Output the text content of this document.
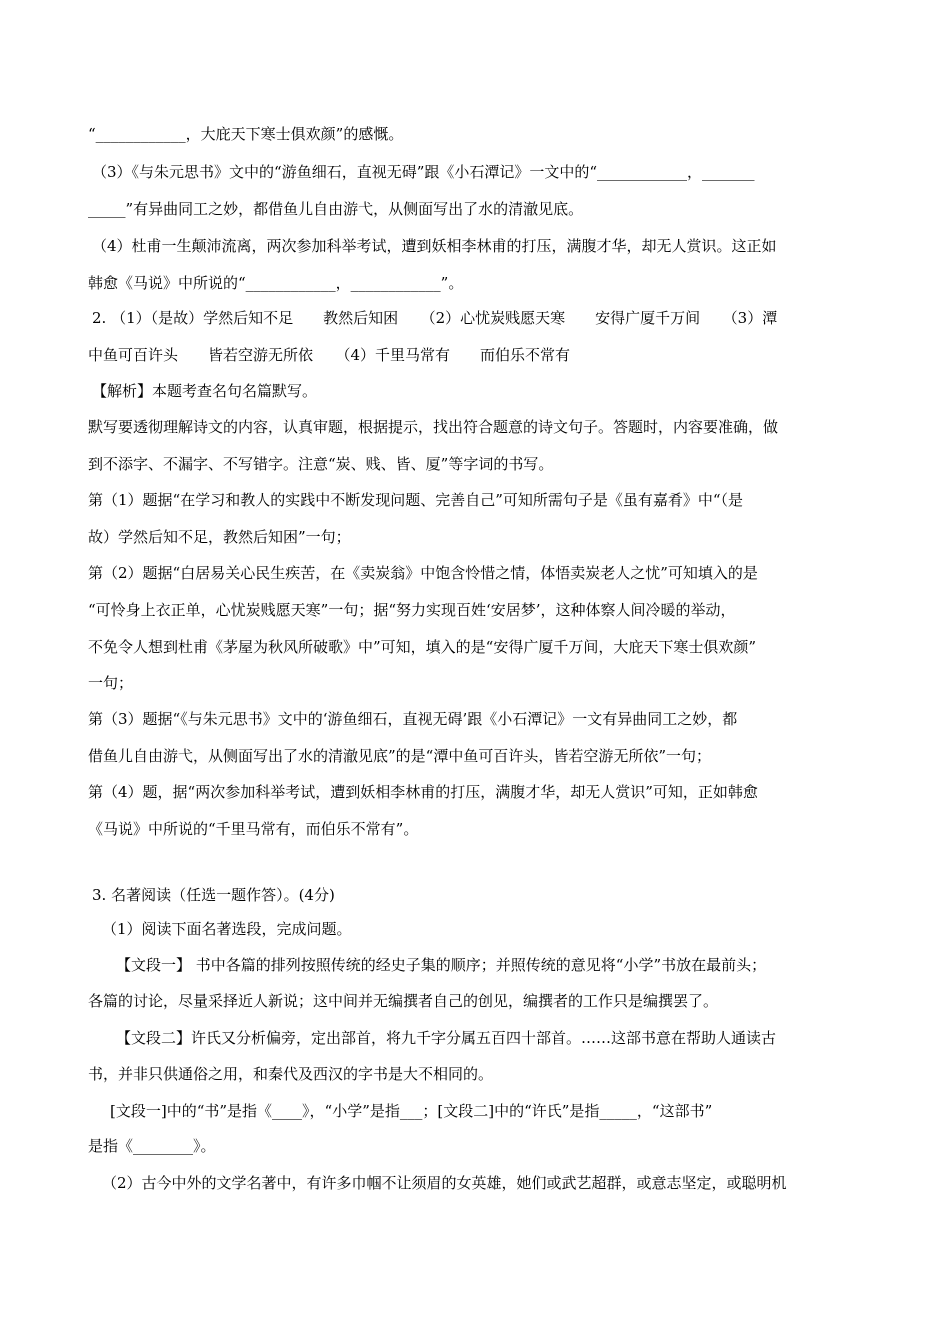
“____________，大庇天下寒士俱欢颜”的感慨。

（3）《与朱元思书》文中的“游鱼细石，直视无碍”跟《小石潭记》一文中的“____________，_______

_____”有异曲同工之妙，都借鱼儿自由游弋，从侧面写出了水的清澈见底。

（4）杜甫一生颠沛流离，两次参加科举考试，遭到妖相李林甫的打压，满腹才华，却无人赏识。这正如

韩愈《马说》中所说的“____________，____________”。

2. （1）（是故）学然后知不足　　教然后知困　　（2）心忧炭贱愿天寒　　安得广厦千万间　　（3）潭

中鱼可百许头　　皆若空游无所依　　（4）千里马常有　　而伯乐不常有

【解析】本题考查名句名篇默写。

默写要透彻理解诗文的内容，认真审题，根据提示，找出符合题意的诗文句子。答题时，内容要准确，做

到不添字、不漏字、不写错字。注意“炭、贱、皆、厦”等字词的书写。

第（1）题据“在学习和教人的实践中不断发现问题、完善自己”可知所需句子是《虽有嘉肴》中“（是

故）学然后知不足，教然后知困”一句；

第（2）题据“白居易关心民生疾苦，在《卖炭翁》中饱含怜惜之情，体悟卖炭老人之忧”可知填入的是

“可怜身上衣正单，心忧炭贱愿天寒”一句；据“努力实现百姓‘安居梦’，这种体察人间冷暖的举动，

不免令人想到杜甫《茅屋为秋风所破歌》中”可知，填入的是“安得广厦千万间，大庇天下寒士俱欢颜”

一句；

第（3）题据“《与朱元思书》文中的‘游鱼细石，直视无碍’跟《小石潭记》一文有异曲同工之妙，都

借鱼儿自由游弋，从侧面写出了水的清澈见底”的是“潭中鱼可百许头，皆若空游无所依”一句；

第（4）题，据“两次参加科举考试，遭到妖相李林甫的打压，满腹才华，却无人赏识”可知，正如韩愈

《马说》中所说的“千里马常有，而伯乐不常有”。

3. 名著阅读（任选一题作答）。(4分)

（1）阅读下面名著选段，完成问题。

【文段一】 书中各篇的排列按照传统的经史子集的顺序；并照传统的意见将“小学”书放在最前头；

各篇的讨论，尽量采择近人新说；这中间并无编撰者自己的创见，编撰者的工作只是编撰罢了。

【文段二】许氏又分析偏旁，定出部首，将九千字分属五百四十部首。……这部书意在帮助人通读古

书，并非只供通俗之用，和秦代及西汉的字书是大不相同的。

[文段一]中的“书”是指《____》，“小学”是指___；[文段二]中的“许氏”是指_____，“这部书”

是指《________》。

（2）古今中外的文学名著中，有许多巾帼不让须眉的女英雄，她们或武艺超群，或意志坚定，或聪明机
